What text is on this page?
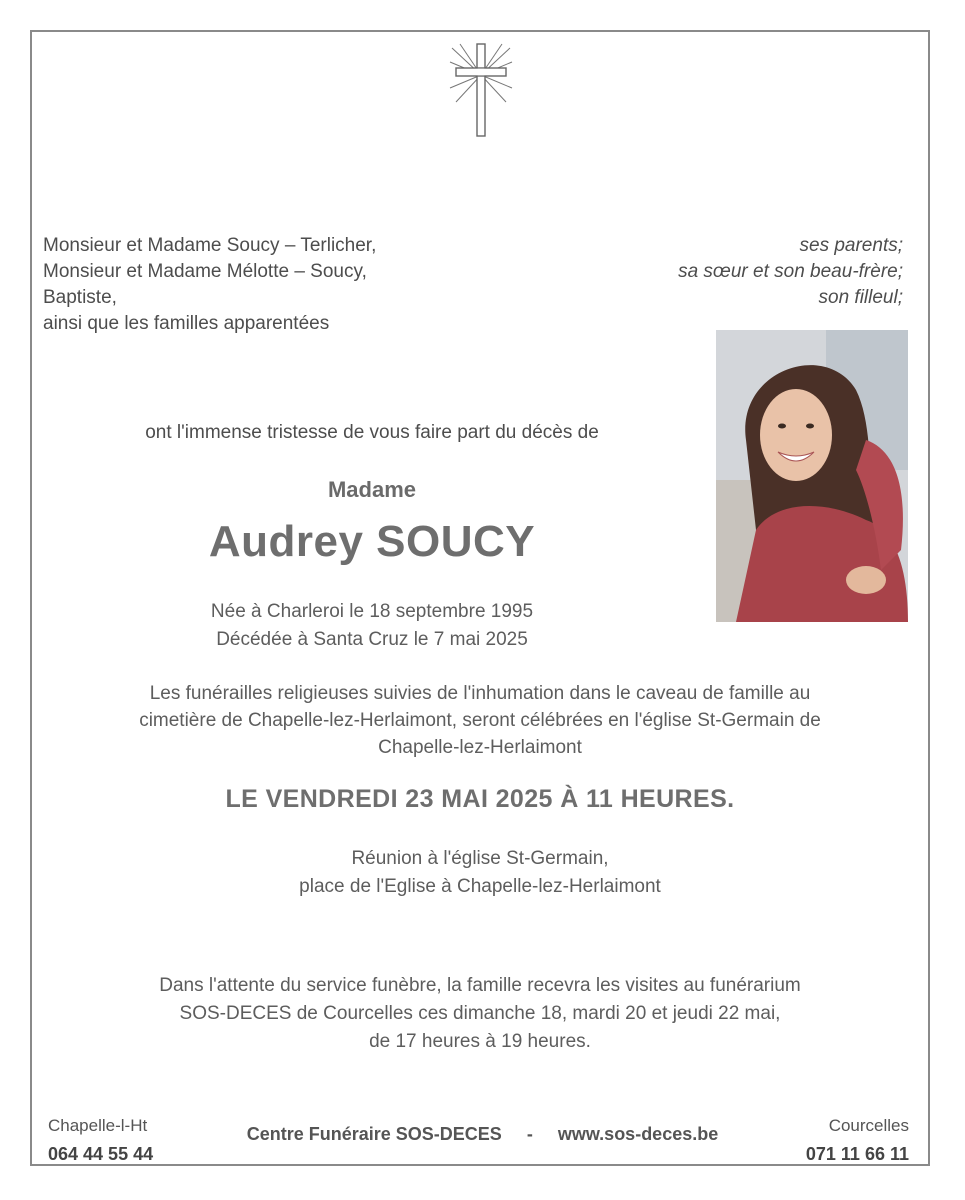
Monsieur et Madame Soucy – Terlicher,
Monsieur et Madame Mélotte – Soucy,
Baptiste,
ainsi que les familles apparentées
ses parents;
sa sœur et son beau-frère;
son filleul;
ont l'immense tristesse de vous faire part du décès de
Madame
Audrey SOUCY
Née à Charleroi le 18 septembre 1995
Décédée à Santa Cruz le 7 mai 2025
Les funérailles religieuses suivies de l'inhumation dans le caveau de famille au
cimetière de Chapelle-lez-Herlaimont, seront célébrées en l'église St-Germain de
Chapelle-lez-Herlaimont
LE VENDREDI 23 MAI 2025 À 11 HEURES.
Réunion à l'église St-Germain,
place de l'Eglise à Chapelle-lez-Herlaimont
Dans l'attente du service funèbre, la famille recevra les visites au funérarium
SOS-DECES de Courcelles ces dimanche 18, mardi 20 et jeudi 22 mai,
de 17 heures à 19 heures.
Chapelle-l-Ht
064 44 55 44
Centre Funéraire SOS-DECES - www.sos-deces.be	Courcelles
071 11 66 11
